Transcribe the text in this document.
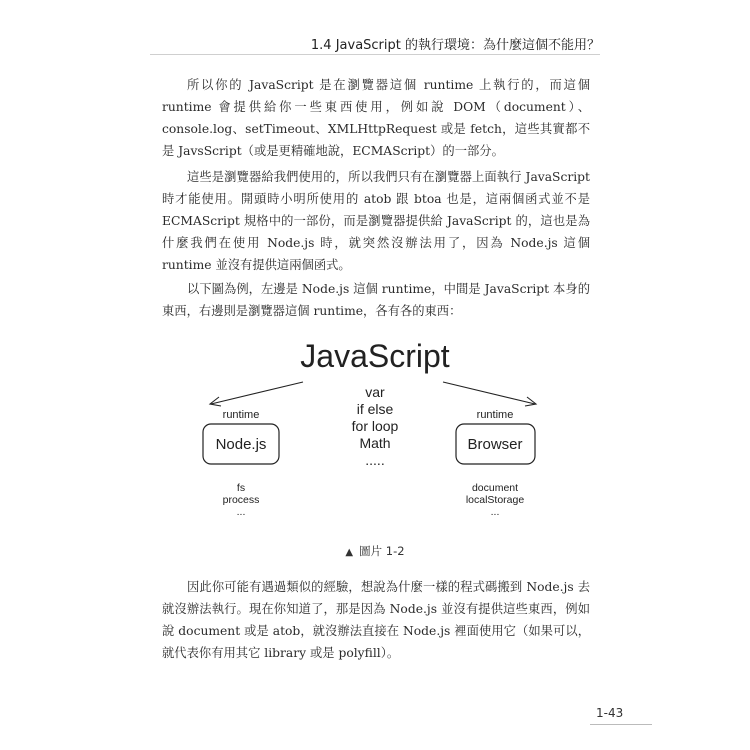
1.4 JavaScript 的執行環境：為什麼這個不能用？

所以你的 JavaScript 是在瀏覽器這個 runtime 上執行的，而這個 runtime 會提供給你一些東西使用，例如說 DOM（document）、console.log、setTimeout、XMLHttpRequest 或是 fetch，這些其實都不是 JavsScript（或是更精確地說，ECMAScript）的一部分。

這些是瀏覽器給我們使用的，所以我們只有在瀏覽器上面執行 JavaScript 時才能使用。開頭時小明所使用的 atob 跟 btoa 也是，這兩個函式並不是 ECMAScript 規格中的一部份，而是瀏覽器提供給 JavaScript 的，這也是為什麼我們在使用 Node.js 時，就突然沒辦法用了，因為 Node.js 這個 runtime 並沒有提供這兩個函式。

以下圖為例，左邊是 Node.js 這個 runtime，中間是 JavaScript 本身的東西，右邊則是瀏覽器這個 runtime，各有各的東西：

JavaScript
runtime
Node.js
runtime
Browser
var
if else
for loop
Math
.....
fs
process
...
document
localStorage
...
▲ 圖片 1-2

因此你可能有遇過類似的經驗，想說為什麼一樣的程式碼搬到 Node.js 去就沒辦法執行。現在你知道了，那是因為 Node.js 並沒有提供這些東西，例如說 document 或是 atob，就沒辦法直接在 Node.js 裡面使用它（如果可以，就代表你有用其它 library 或是 polyfill）。

1-43
